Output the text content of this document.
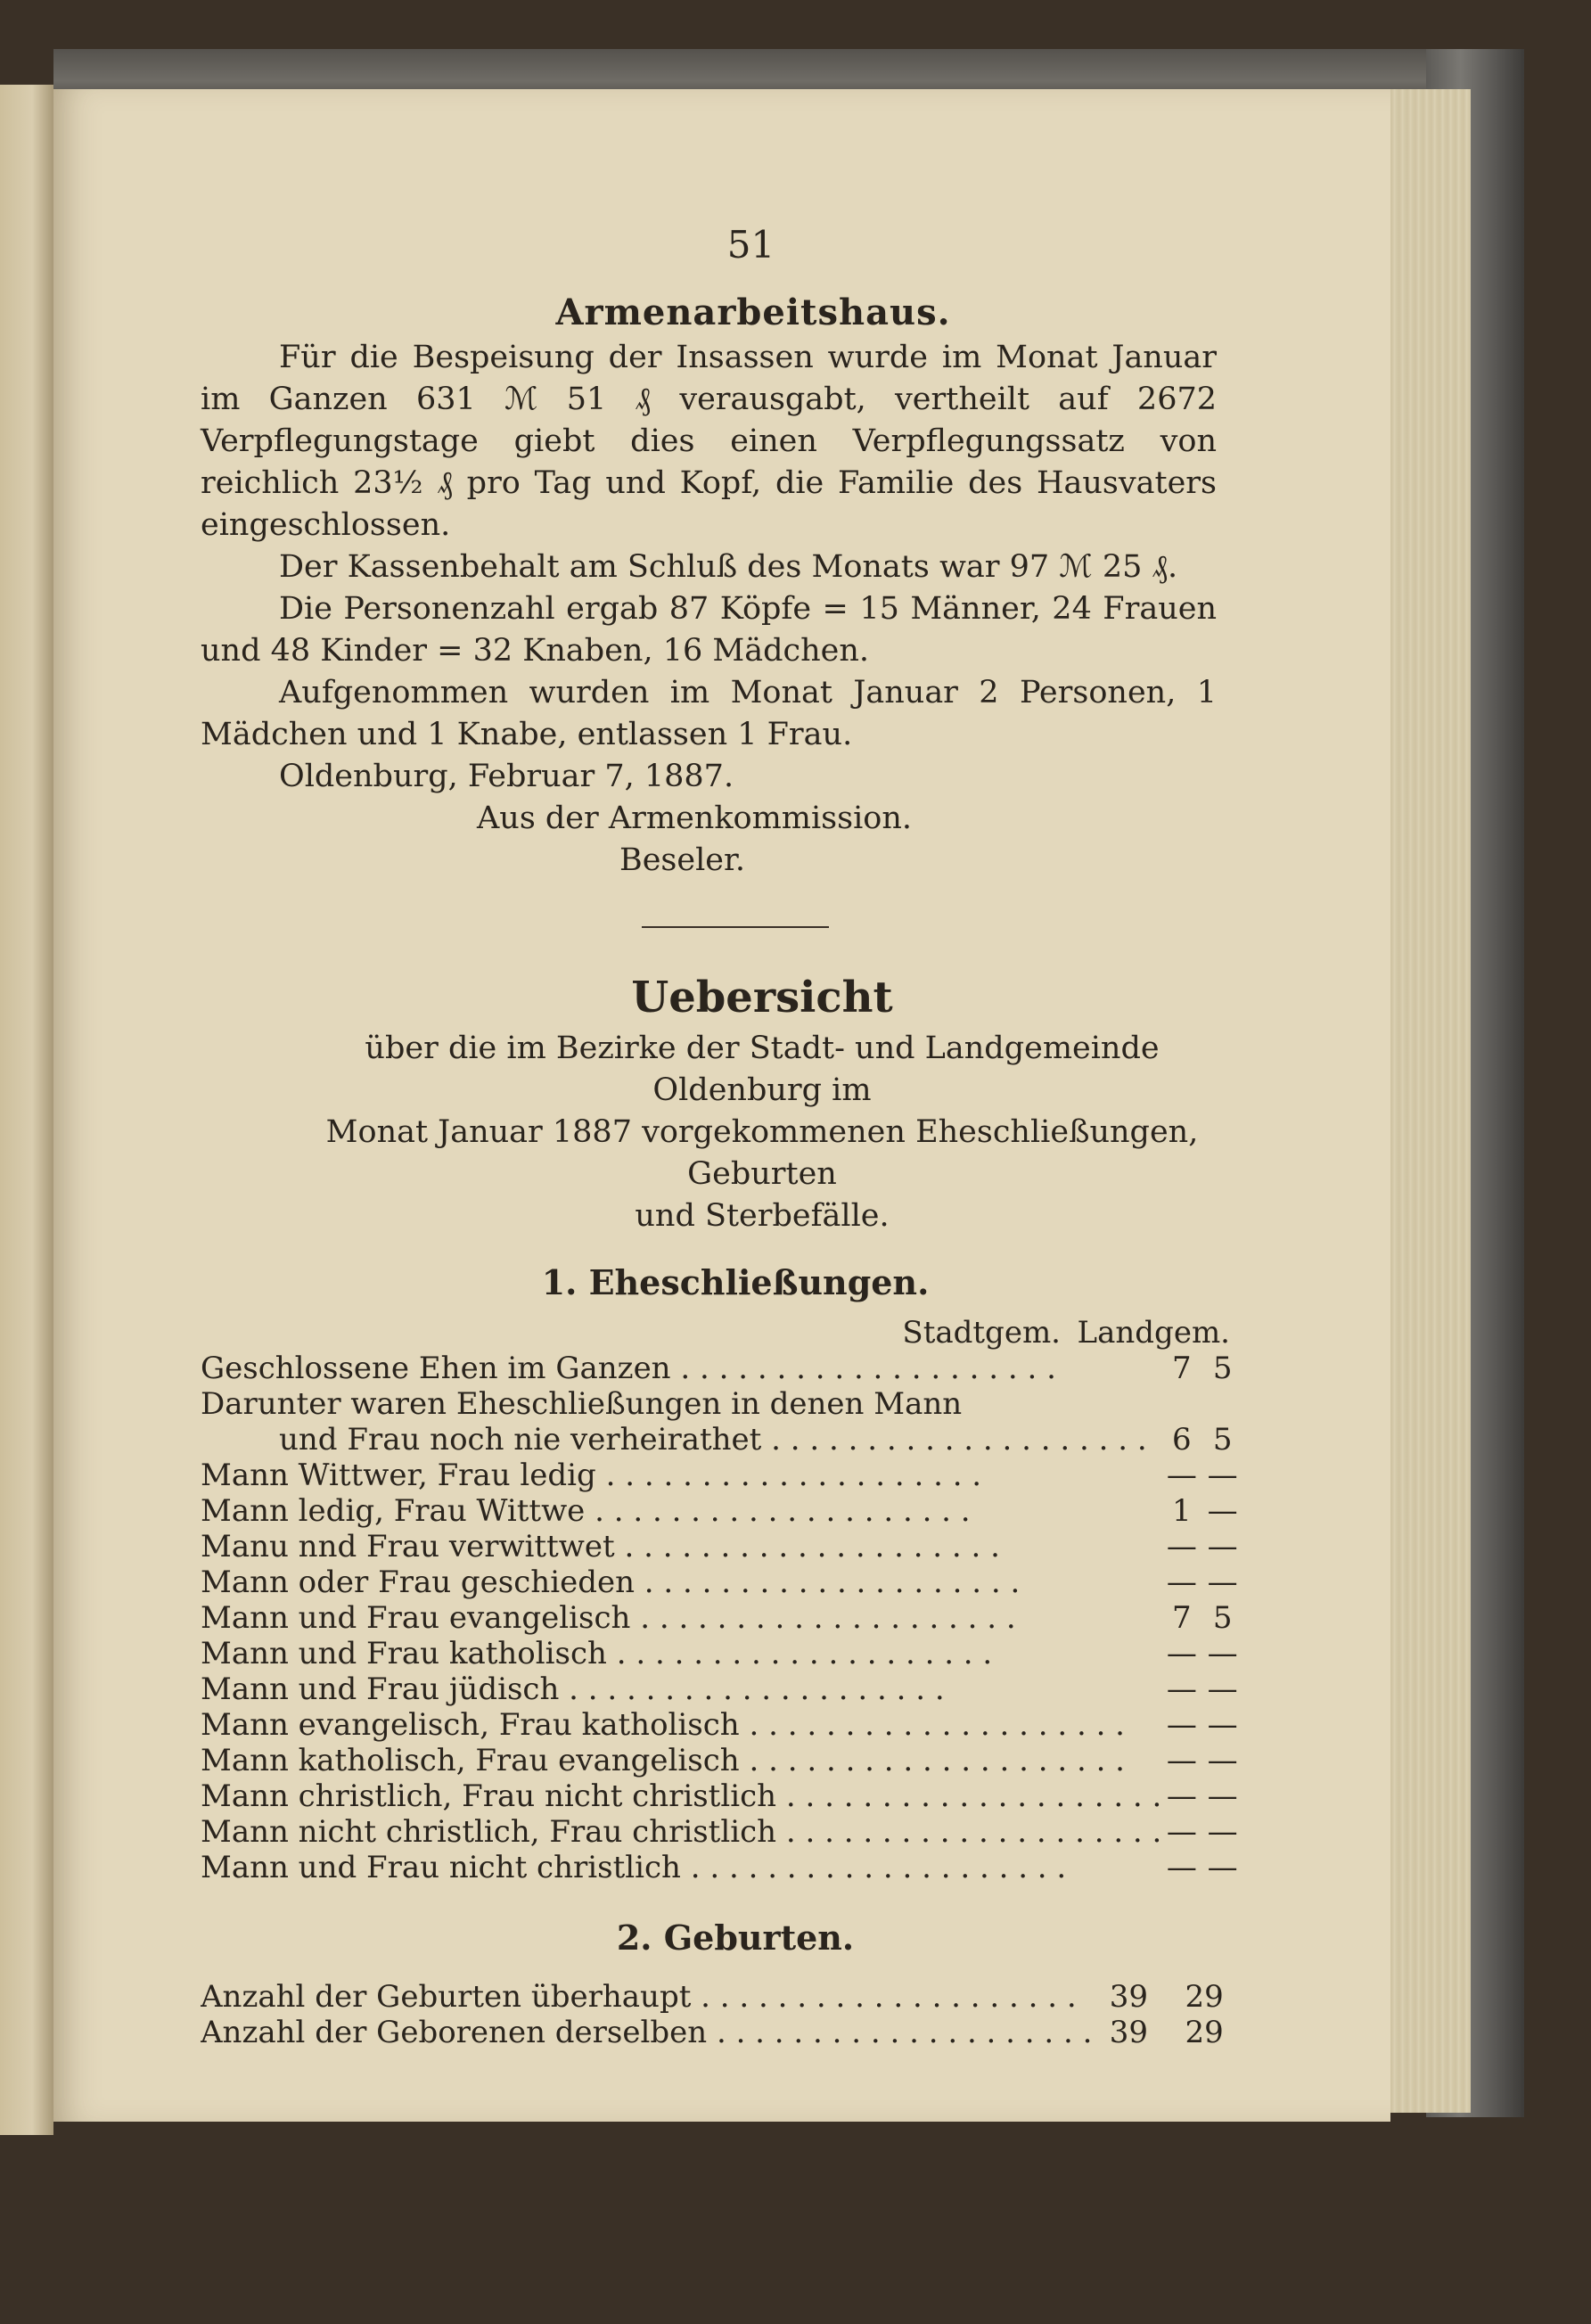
51
Armenarbeitshaus.

Für die Bespeisung der Insassen wurde im Monat Januar im Ganzen 631 ℳ 51 ₰ verausgabt, vertheilt auf 2672 Verpflegungstage giebt dies einen Verpflegungssatz von reichlich 23½ ₰ pro Tag und Kopf, die Familie des Hausvaters eingeschlossen.

Der Kassenbehalt am Schluß des Monats war 97 ℳ 25 ₰.

Die Personenzahl ergab 87 Köpfe = 15 Männer, 24 Frauen und 48 Kinder = 32 Knaben, 16 Mädchen.

Aufgenommen wurden im Monat Januar 2 Personen, 1 Mädchen und 1 Knabe, entlassen 1 Frau.

Oldenburg, Februar 7, 1887.

Aus der Armenkommission.

Beseler.

Uebersicht
über die im Bezirke der Stadt- und Landgemeinde Oldenburg im
Monat Januar 1887 vorgekommenen Eheschließungen, Geburten
und Sterbefälle.
1. Eheschließungen.
Stadtgem. Landgem.
Geschlossene Ehen im Ganzen . . .	7	5
Darunter waren Eheschließungen in denen Mann		
und Frau noch nie verheirathet . . .	6	5
Mann Wittwer, Frau ledig . . .	—	—
Mann ledig, Frau Wittwe . . .	1	—
Manu nnd Frau verwittwet . . .	—	—
Mann oder Frau geschieden . . .	—	—
Mann und Frau evangelisch . . .	7	5
Mann und Frau katholisch . . .	—	—
Mann und Frau jüdisch . . .	—	—
Mann evangelisch, Frau katholisch . . .	—	—
Mann katholisch, Frau evangelisch . . .	—	—
Mann christlich, Frau nicht christlich . . .	—	—
Mann nicht christlich, Frau christlich . . .	—	—
Mann und Frau nicht christlich . . .	—	—
2. Geburten.
Anzahl der Geburten überhaupt . . .	39	29
Anzahl der Geborenen derselben . . .	39	29
